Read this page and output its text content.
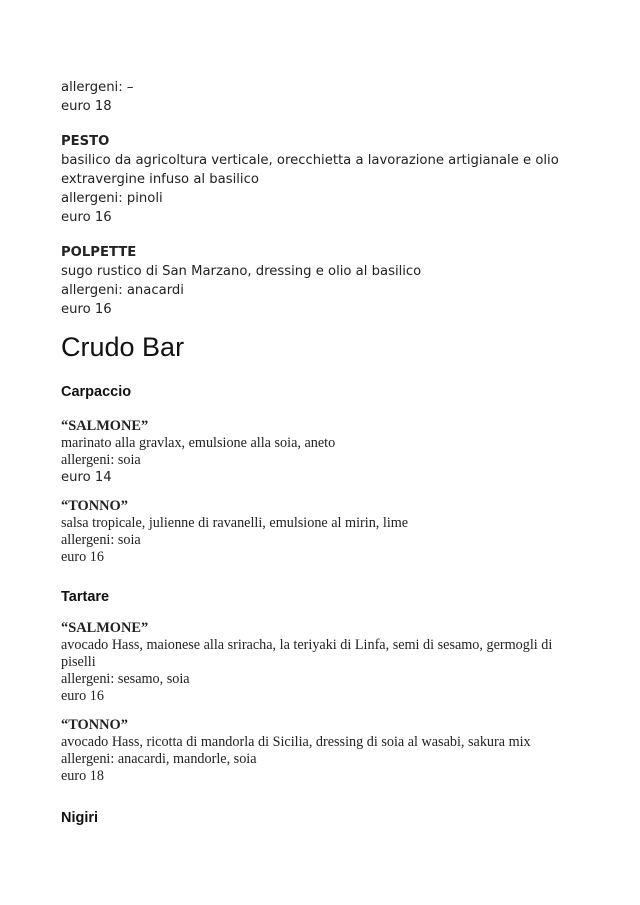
allergeni: –
euro 18
PESTO
basilico da agricoltura verticale, orecchietta a lavorazione artigianale e olio extravergine infuso al basilico
allergeni: pinoli
euro 16
POLPETTE
sugo rustico di San Marzano, dressing e olio al basilico
allergeni: anacardi
euro 16
Crudo Bar
Carpaccio
“SALMONE”
marinato alla gravlax, emulsione alla soia, aneto
allergeni: soia
euro 14
“TONNO”
salsa tropicale, julienne di ravanelli, emulsione al mirin, lime
allergeni: soia
euro 16
Tartare
“SALMONE”
avocado Hass, maionese alla sriracha, la teriyaki di Linfa, semi di sesamo, germogli di piselli
allergeni: sesamo, soia
euro 16
“TONNO”
avocado Hass, ricotta di mandorla di Sicilia, dressing di soia al wasabi, sakura mix
allergeni: anacardi, mandorle, soia
euro 18
Nigiri
